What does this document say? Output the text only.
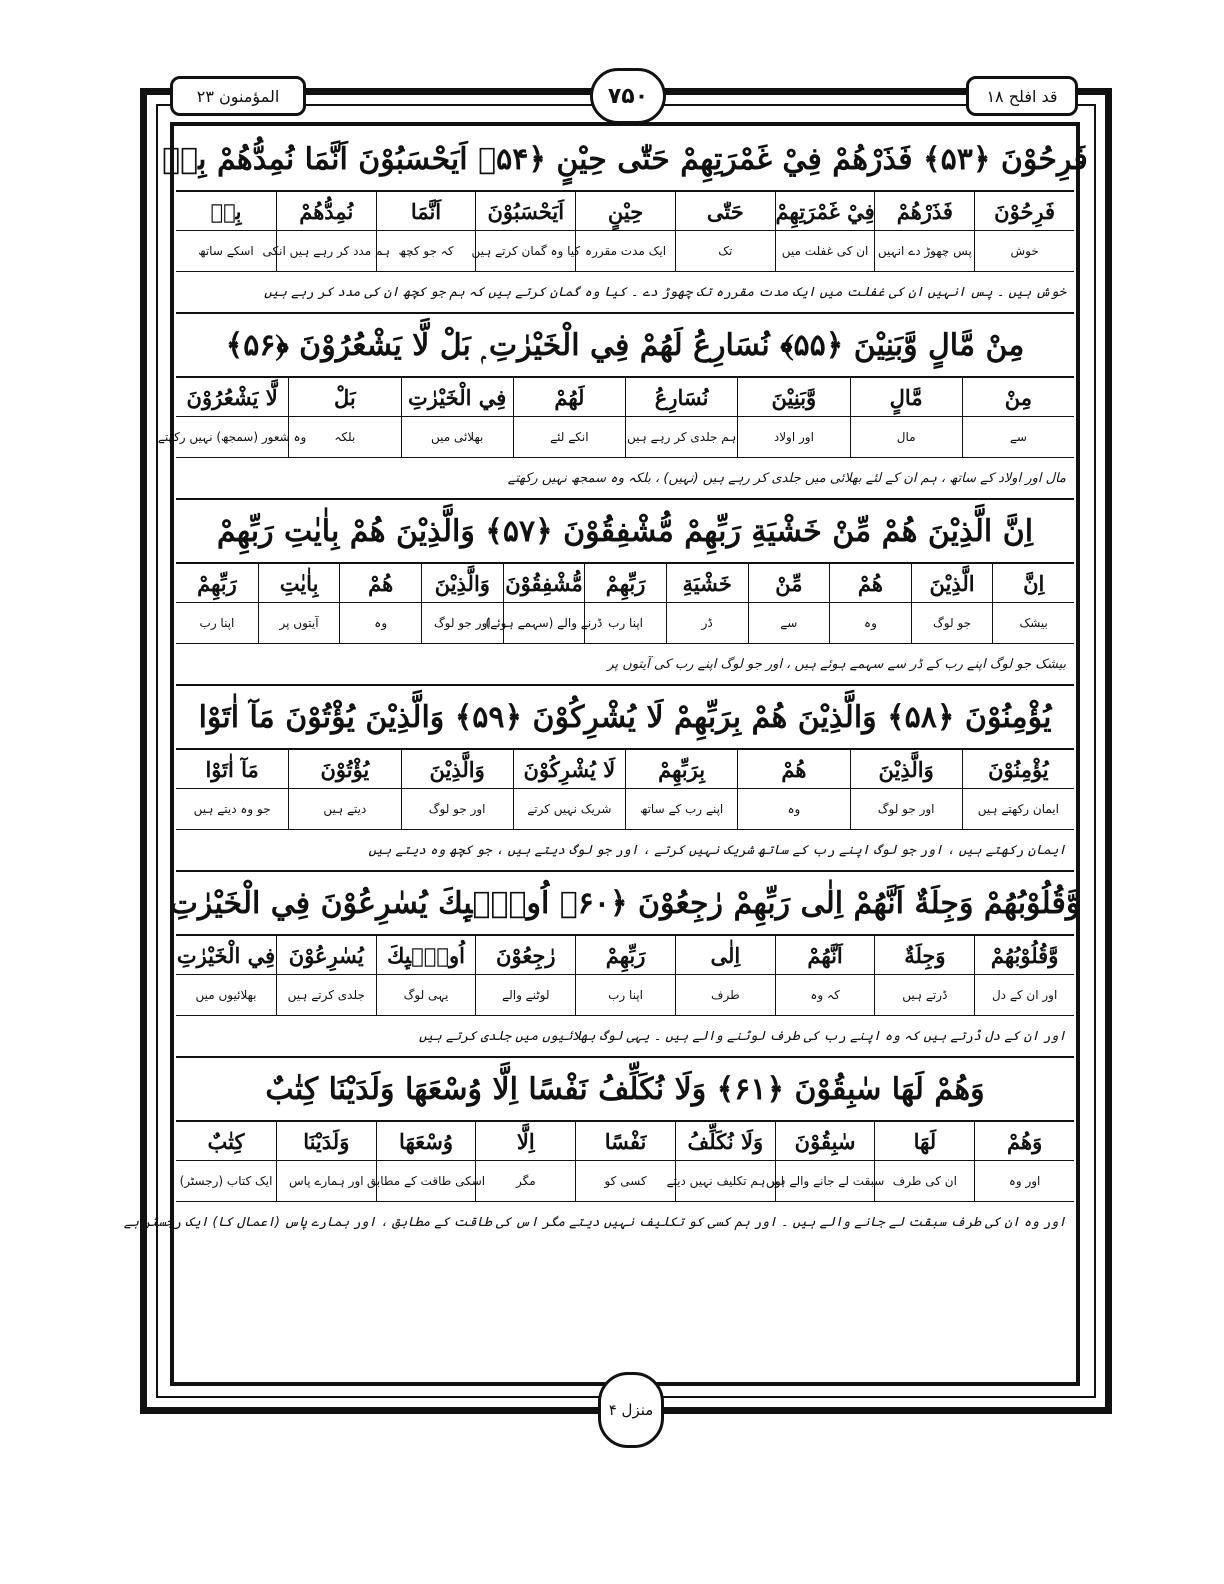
قد افلح ۱۸
۷۵۰
المؤمنون ۲۳
فَرِحُوْنَ ﴿۵۳﴾ فَذَرْهُمْ فِيْ غَمْرَتِهِمْ حَتّٰى حِيْنٍ ﴿۵۴﴾ اَيَحْسَبُوْنَ اَنَّمَا نُمِدُّهُمْ بِهٖ
فَرِحُوْنَ
فَذَرْهُمْ
فِيْ غَمْرَتِهِمْ
حَتّٰى
حِيْنٍ
اَيَحْسَبُوْنَ
اَنَّمَا
نُمِدُّهُمْ
بِهٖ
خوش
پس چھوڑ دے انہیں
ان کی غفلت میں
تک
ایک مدت مقررہ
کیا وہ گمان کرتے ہیں
کہ جو کچھ
ہم مدد کر رہے ہیں انکی
اسکے ساتھ
خوش ہیں ۔ پس انہیں ان کی غفلت میں ایک مدت مقررہ تک چھوڑ دے ۔ کیا وہ گمان کرتے ہیں کہ ہم جو کچھ ان کی مدد کر رہے ہیں
مِنْ مَّالٍ وَّبَنِيْنَ ﴿۵۵﴾ نُسَارِعُ لَهُمْ فِي الْخَيْرٰتِ ۭ بَلْ لَّا يَشْعُرُوْنَ ﴿۵۶﴾
مِنْ
مَّالٍ
وَّبَنِيْنَ
نُسَارِعُ
لَهُمْ
فِي الْخَيْرٰتِ
بَلْ
لَّا يَشْعُرُوْنَ
سے
مال
اور اولاد
ہم جلدی کر رہے ہیں
انکے لئے
بھلائی میں
بلکہ
وہ شعور (سمجھ) نہیں رکھتے
مال اور اولاد کے ساتھ ، ہم ان کے لئے بھلائی میں جلدی کر رہے ہیں (نہیں) ، بلکہ وہ سمجھ نہیں رکھتے
اِنَّ الَّذِيْنَ هُمْ مِّنْ خَشْيَةِ رَبِّهِمْ مُّشْفِقُوْنَ ﴿۵۷﴾ وَالَّذِيْنَ هُمْ بِاٰيٰتِ رَبِّهِمْ
اِنَّ
الَّذِيْنَ
هُمْ
مِّنْ
خَشْيَةِ
رَبِّهِمْ
مُّشْفِقُوْنَ
وَالَّذِيْنَ
هُمْ
بِاٰيٰتِ
رَبِّهِمْ
بیشک
جو لوگ
وہ
سے
ڈر
اپنا رب
ڈرنے والے (سہمے ہوئے)
اور جو لوگ
وہ
آیتوں پر
اپنا رب
بیشک جو لوگ اپنے رب کے ڈر سے سہمے ہوئے ہیں ، اور جو لوگ اپنے رب کی آیتوں پر
يُؤْمِنُوْنَ ﴿۵۸﴾ وَالَّذِيْنَ هُمْ بِرَبِّهِمْ لَا يُشْرِكُوْنَ ﴿۵۹﴾ وَالَّذِيْنَ يُؤْتُوْنَ مَآ اٰتَوْا
يُؤْمِنُوْنَ
وَالَّذِيْنَ
هُمْ
بِرَبِّهِمْ
لَا يُشْرِكُوْنَ
وَالَّذِيْنَ
يُؤْتُوْنَ
مَآ اٰتَوْا
ایمان رکھتے ہیں
اور جو لوگ
وہ
اپنے رب کے ساتھ
شریک نہیں کرتے
اور جو لوگ
دیتے ہیں
جو وہ دیتے ہیں
ایمان رکھتے ہیں ، اور جو لوگ اپنے رب کے ساتھ شریک نہیں کرتے ، اور جو لوگ دیتے ہیں ، جو کچھ وہ دیتے ہیں
وَّقُلُوْبُهُمْ وَجِلَةٌ اَنَّهُمْ اِلٰى رَبِّهِمْ رٰجِعُوْنَ ﴿۶۰﴾ اُولٰۗىِٕكَ يُسٰرِعُوْنَ فِي الْخَيْرٰتِ
وَّقُلُوْبُهُمْ
وَجِلَةٌ
اَنَّهُمْ
اِلٰى
رَبِّهِمْ
رٰجِعُوْنَ
اُولٰۗىِٕكَ
يُسٰرِعُوْنَ
فِي الْخَيْرٰتِ
اور ان کے دل
ڈرتے ہیں
کہ وہ
طرف
اپنا رب
لوٹنے والے
یہی لوگ
جلدی کرتے ہیں
بھلائیوں میں
اور ان کے دل ڈرتے ہیں کہ وہ اپنے رب کی طرف لوٹنے والے ہیں ۔ یہی لوگ بھلائیوں میں جلدی کرتے ہیں
وَهُمْ لَهَا سٰبِقُوْنَ ﴿۶۱﴾ وَلَا نُكَلِّفُ نَفْسًا اِلَّا وُسْعَهَا وَلَدَيْنَا كِتٰبٌ
وَهُمْ
لَهَا
سٰبِقُوْنَ
وَلَا نُكَلِّفُ
نَفْسًا
اِلَّا
وُسْعَهَا
وَلَدَيْنَا
كِتٰبٌ
اور وہ
ان کی طرف
سبقت لے جانے والے ہیں
اور ہم تکلیف نہیں دیتے
کسی کو
مگر
اسکی طاقت کے مطابق
اور ہمارے پاس
ایک کتاب (رجسٹر)
اور وہ ان کی طرف سبقت لے جانے والے ہیں ۔ اور ہم کسی کو تکلیف نہیں دیتے مگر اس کی طاقت کے مطابق ، اور ہمارے پاس (اعمال کا) ایک رجسٹر ہے
منزل ۴
